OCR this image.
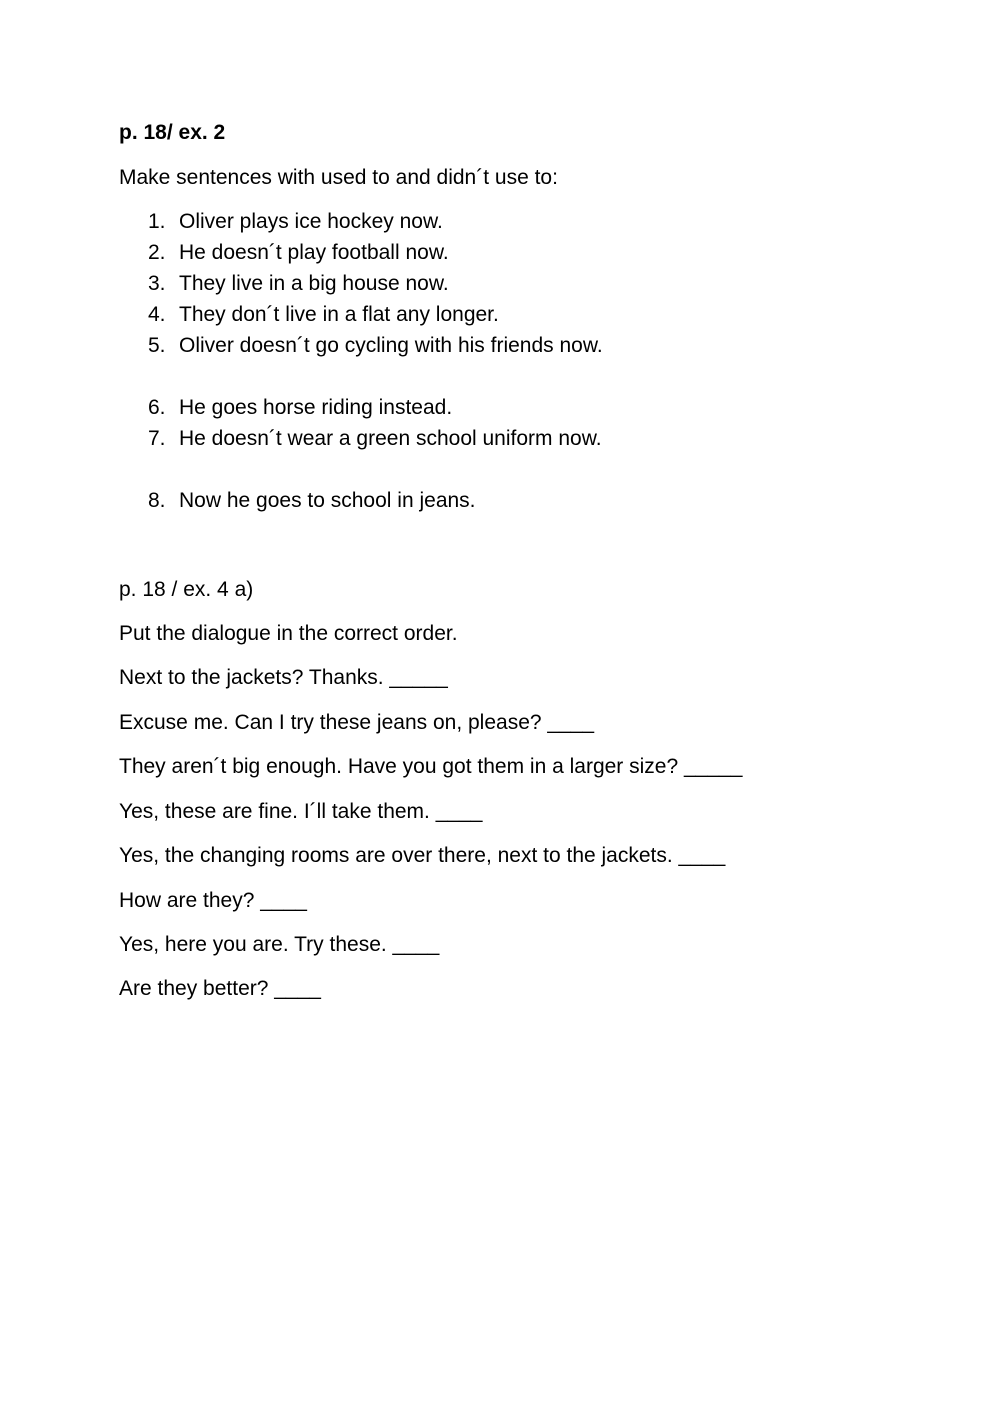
p. 18/ ex. 2
Make sentences with used to and didn´t use to:
1. Oliver plays ice hockey now.
2. He doesn´t play football now.
3. They live in a big house now.
4. They don´t live in a flat any longer.
5. Oliver doesn´t go cycling with his friends now.
6. He goes horse riding instead.
7. He doesn´t wear a green school uniform now.
8. Now he goes to school in jeans.
p. 18 / ex. 4 a)
Put the dialogue in the correct order.
Next to the jackets? Thanks. _____
Excuse me. Can I try these jeans on, please? ____
They aren´t big enough. Have you got them in a larger size? _____
Yes, these are fine. I´ll take them. ____
Yes, the changing rooms are over there, next to the jackets. ____
How are they? ____
Yes, here you are. Try these. ____
Are they better? ____
